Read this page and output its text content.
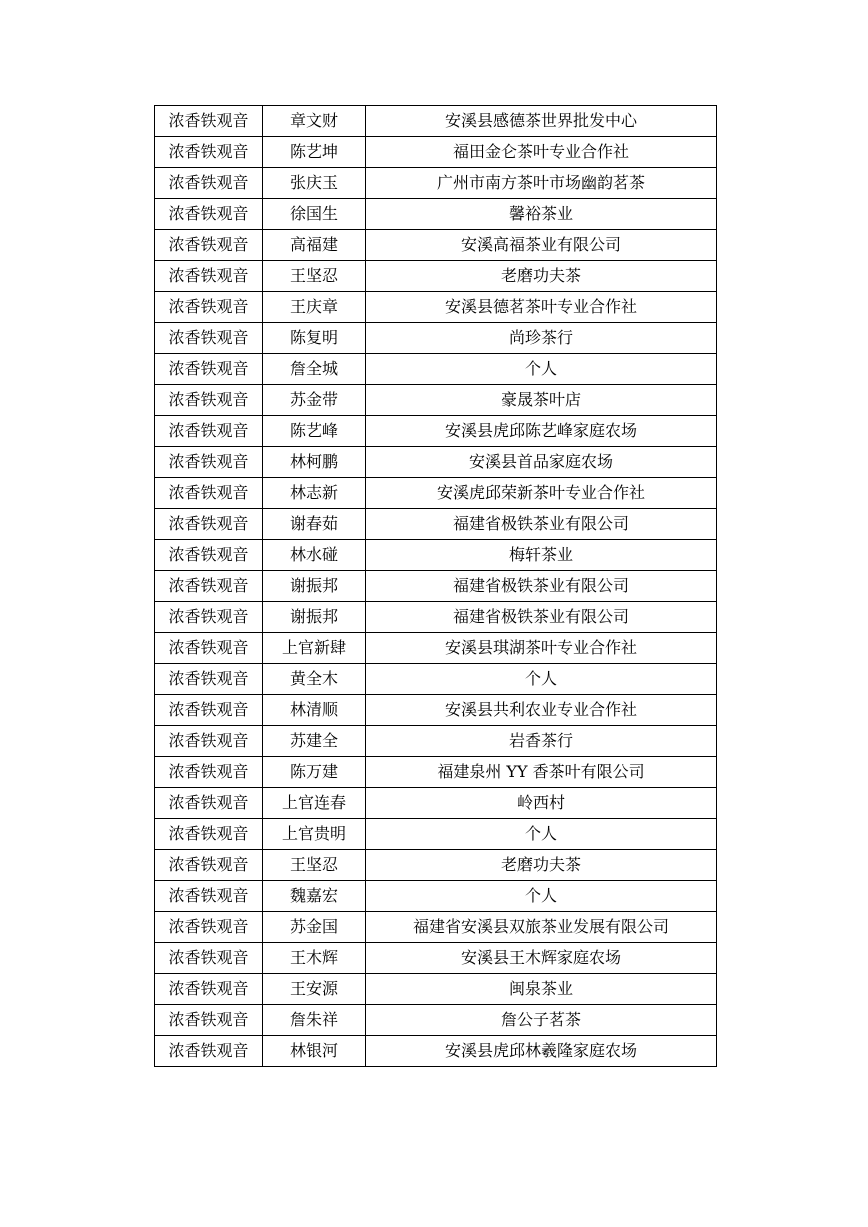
浓香铁观音	章文财	安溪县感德茶世界批发中心
浓香铁观音	陈艺坤	福田金仑茶叶专业合作社
浓香铁观音	张庆玉	广州市南方茶叶市场幽韵茗茶
浓香铁观音	徐国生	馨裕茶业
浓香铁观音	高福建	安溪高福茶业有限公司
浓香铁观音	王坚忍	老磨功夫茶
浓香铁观音	王庆章	安溪县德茗茶叶专业合作社
浓香铁观音	陈复明	尚珍茶行
浓香铁观音	詹全城	个人
浓香铁观音	苏金带	豪晟茶叶店
浓香铁观音	陈艺峰	安溪县虎邱陈艺峰家庭农场
浓香铁观音	林柯鹏	安溪县首品家庭农场
浓香铁观音	林志新	安溪虎邱荣新茶叶专业合作社
浓香铁观音	谢春茹	福建省极铁茶业有限公司
浓香铁观音	林水碰	梅轩茶业
浓香铁观音	谢振邦	福建省极铁茶业有限公司
浓香铁观音	谢振邦	福建省极铁茶业有限公司
浓香铁观音	上官新肆	安溪县琪湖茶叶专业合作社
浓香铁观音	黄全木	个人
浓香铁观音	林清顺	安溪县共利农业专业合作社
浓香铁观音	苏建全	岩香茶行
浓香铁观音	陈万建	福建泉州 YY 香茶叶有限公司
浓香铁观音	上官连春	岭西村
浓香铁观音	上官贵明	个人
浓香铁观音	王坚忍	老磨功夫茶
浓香铁观音	魏嘉宏	个人
浓香铁观音	苏金国	福建省安溪县双旅茶业发展有限公司
浓香铁观音	王木辉	安溪县王木辉家庭农场
浓香铁观音	王安源	闽泉茶业
浓香铁观音	詹朱祥	詹公子茗茶
浓香铁观音	林银河	安溪县虎邱林羲隆家庭农场
